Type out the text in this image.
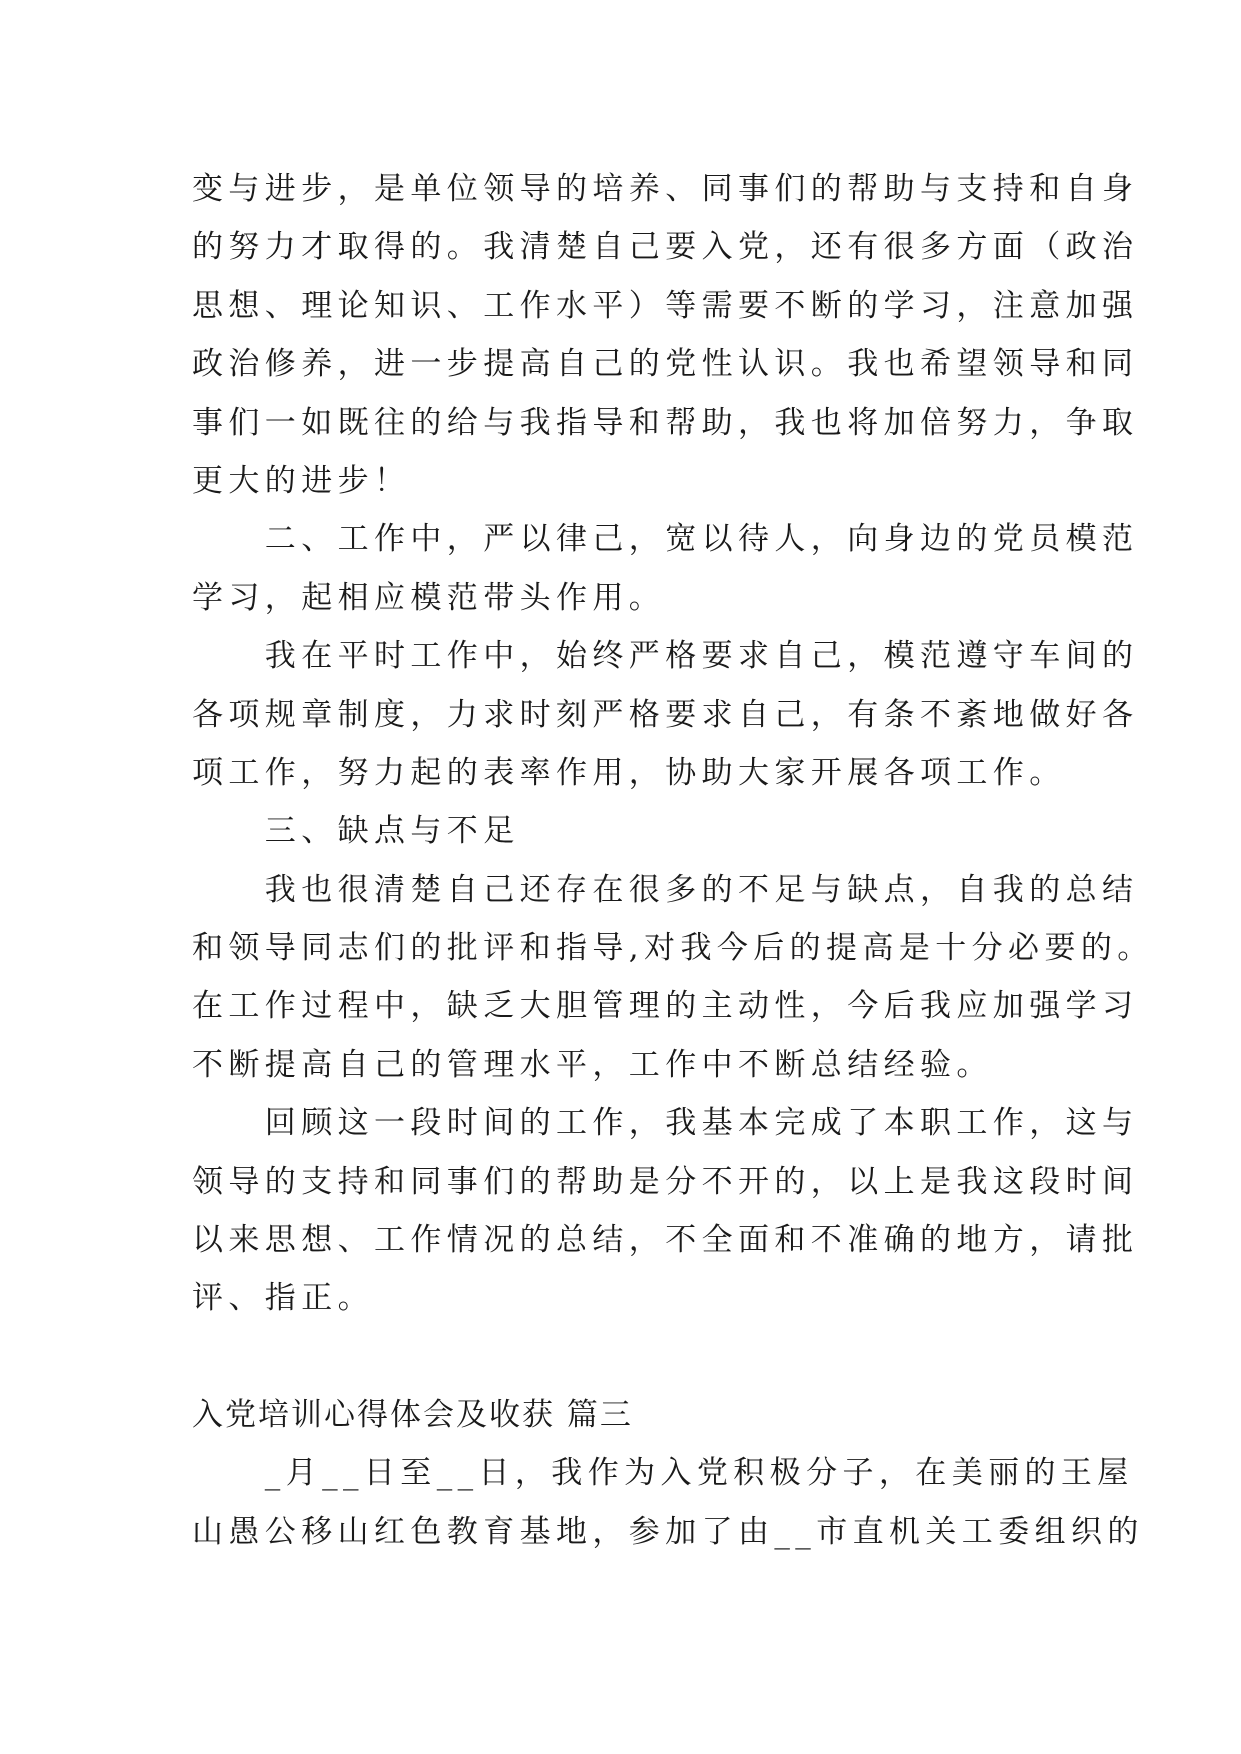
变与进步，是单位领导的培养、同事们的帮助与支持和自身
的努力才取得的。我清楚自己要入党，还有很多方面（政治
思想、理论知识、工作水平）等需要不断的学习，注意加强
政治修养，进一步提高自己的党性认识。我也希望领导和同
事们一如既往的给与我指导和帮助，我也将加倍努力，争取
更大的进步！
　　二、工作中，严以律己，宽以待人，向身边的党员模范
学习，起相应模范带头作用。
　　我在平时工作中，始终严格要求自己，模范遵守车间的
各项规章制度，力求时刻严格要求自己，有条不紊地做好各
项工作，努力起的表率作用，协助大家开展各项工作。
　　三、缺点与不足
　　我也很清楚自己还存在很多的不足与缺点，自我的总结
和领导同志们的批评和指导,对我今后的提高是十分必要的。
在工作过程中，缺乏大胆管理的主动性，今后我应加强学习
不断提高自己的管理水平，工作中不断总结经验。
　　回顾这一段时间的工作，我基本完成了本职工作，这与
领导的支持和同事们的帮助是分不开的，以上是我这段时间
以来思想、工作情况的总结，不全面和不准确的地方，请批
评、指正。
入党培训心得体会及收获 篇三
　　_月__日至__日，我作为入党积极分子，在美丽的王屋
山愚公移山红色教育基地，参加了由__市直机关工委组织的
